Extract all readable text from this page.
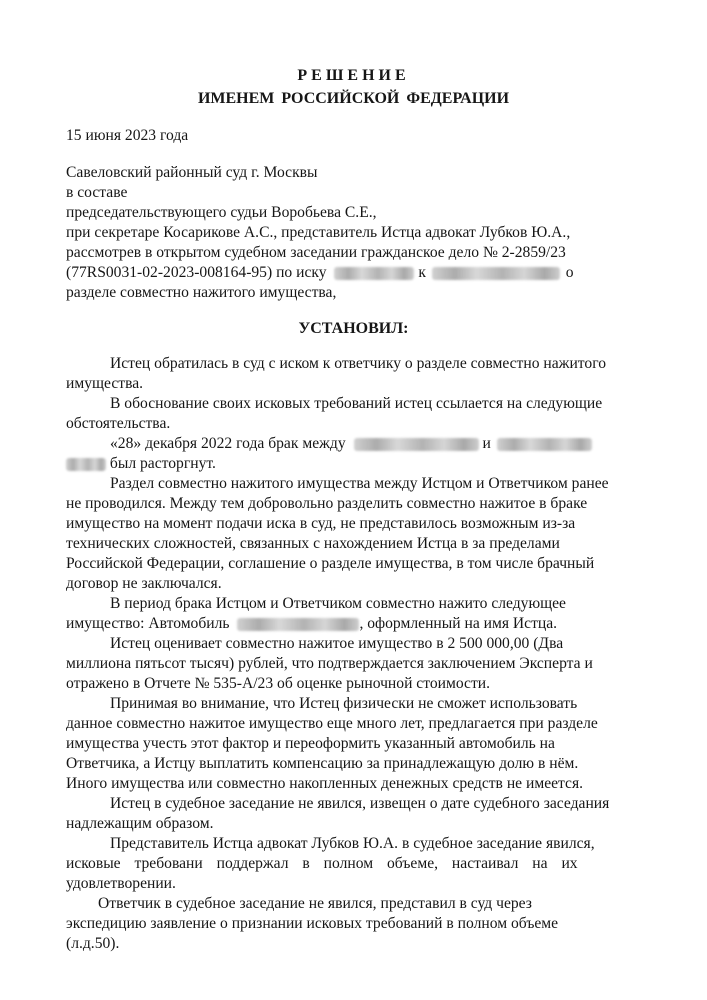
РЕШЕНИЕ
ИМЕНЕМ РОССИЙСКОЙ ФЕДЕРАЦИИ
15 июня 2023 года
Савеловский районный суд г. Москвы
в составе
председательствующего судьи Воробьева С.Е.,
при секретаре Косарикове А.С., представитель Истца адвокат Лубков Ю.А.,
рассмотрев в открытом судебном заседании гражданское дело № 2-2859/23
(77RS0031-02-2023-008164-95) по иску	к	о
разделе совместно нажитого имущества,
УСТАНОВИЛ:
Истец обратилась в суд с иском к ответчику о разделе совместно нажитого
имущества.
В обоснование своих исковых требований истец ссылается на следующие
обстоятельства.
«28» декабря 2022 года брак между	и
был расторгнут.
Раздел совместно нажитого имущества между Истцом и Ответчиком ранее
не проводился. Между тем добровольно разделить совместно нажитое в браке
имущество на момент подачи иска в суд, не представилось возможным из-за
технических сложностей, связанных с нахождением Истца в за пределами
Российской Федерации, соглашение о разделе имущества, в том числе брачный
договор не заключался.
В период брака Истцом и Ответчиком совместно нажито следующее
имущество: Автомобиль	, оформленный на имя Истца.
Истец оценивает совместно нажитое имущество в 2 500 000,00 (Два
миллиона пятьсот тысяч) рублей, что подтверждается заключением Эксперта и
отражено в Отчете № 535-А/23 об оценке рыночной стоимости.
Принимая во внимание, что Истец физически не сможет использовать
данное совместно нажитое имущество еще много лет, предлагается при разделе
имущества учесть этот фактор и переоформить указанный автомобиль на
Ответчика, а Истцу выплатить компенсацию за принадлежащую долю в нём.
Иного имущества или совместно накопленных денежных средств не имеется.
Истец в судебное заседание не явился, извещен о дате судебного заседания
надлежащим образом.
Представитель Истца адвокат Лубков Ю.А. в судебное заседание явился,
исковые требовани поддержал в полном объеме, настаивал на их
удовлетворении.
Ответчик в судебное заседание не явился, представил в суд через
экспедицию заявление о признании исковых требований в полном объеме
(л.д.50).
